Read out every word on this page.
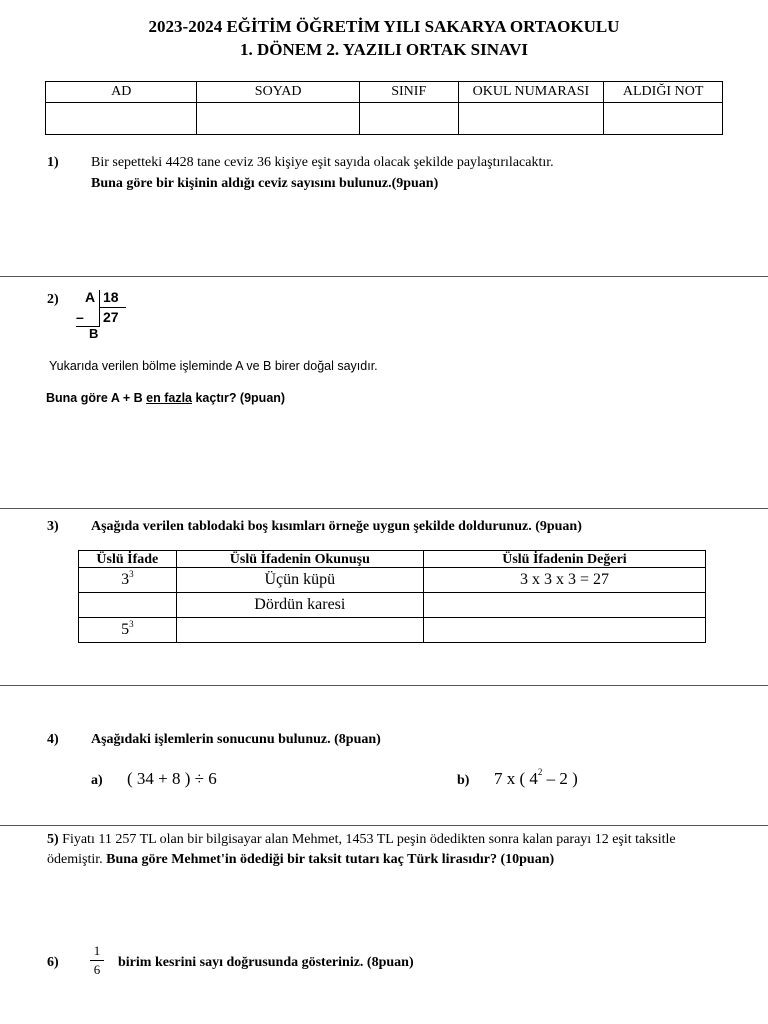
2023-2024 EĞİTİM ÖĞRETİM YILI SAKARYA ORTAOKULU
1. DÖNEM 2. YAZILI ORTAK SINAVI
AD	SOYAD	SINIF	OKUL NUMARASI	ALDIĞI NOT

1) Bir sepetteki 4428 tane ceviz 36 kişiye eşit sayıda olacak şekilde paylaştırılacaktır.
Buna göre bir kişinin aldığı ceviz sayısını bulunuz.(9puan)
2) A 18
27
–
B
Yukarıda verilen bölme işleminde A ve B birer doğal sayıdır.
Buna göre A + B en fazla kaçtır? (9puan)
3) Aşağıda verilen tablodaki boş kısımları örneğe uygun şekilde doldurunuz. (9puan)
Üslü İfade	Üslü İfadenin Okunuşu	Üslü İfadenin Değeri
$3^3$	Üçün küpü	3 x 3 x 3 = 27
	Dördün karesi	
$5^3$		
4) Aşağıdaki işlemlerin sonucunu bulunuz. (8puan)
a) ( 34 + 8 ) ÷ 6	b) 7 x ( $4^2 - 2$ )
5) Fiyatı 11 257 TL olan bir bilgisayar alan Mehmet, 1453 TL peşin ödedikten sonra kalan parayı 12 eşit taksitle ödemiştir. Buna göre Mehmet'in ödediği bir taksit tutarı kaç Türk lirasıdır? (10puan)
6)
1
6 birim kesrini sayı doğrusunda gösteriniz. (8puan)
